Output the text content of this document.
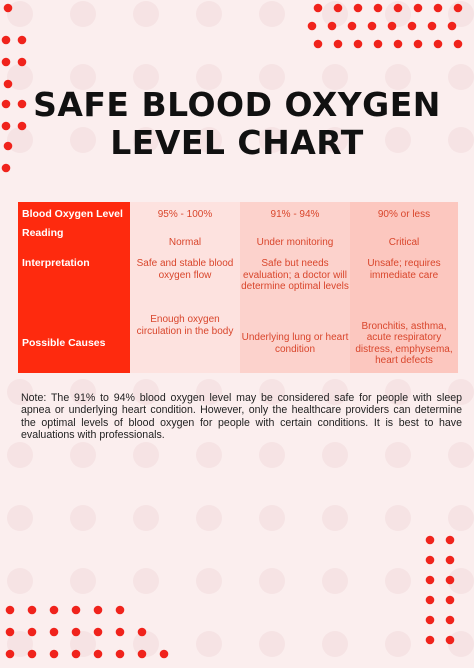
SAFE BLOOD OXYGEN
LEVEL CHART
Blood Oxygen Level	95% - 100%	91% - 94%	90% or less
Reading	Normal	Under monitoring	Critical
Interpretation	Safe and stable blood oxygen flow	Safe but needs evaluation; a doctor will determine optimal levels	Unsafe; requires immediate care
Possible Causes	Enough oxygen circulation in the body	Underlying lung or heart condition	Bronchitis, asthma, acute respiratory distress, emphysema, heart defects

Note: The 91% to 94% blood oxygen level may be considered safe for people with sleep apnea or underlying heart condition. However, only the healthcare providers can determine the optimal levels of blood oxygen for people with certain conditions. It is best to have evaluations with professionals.
